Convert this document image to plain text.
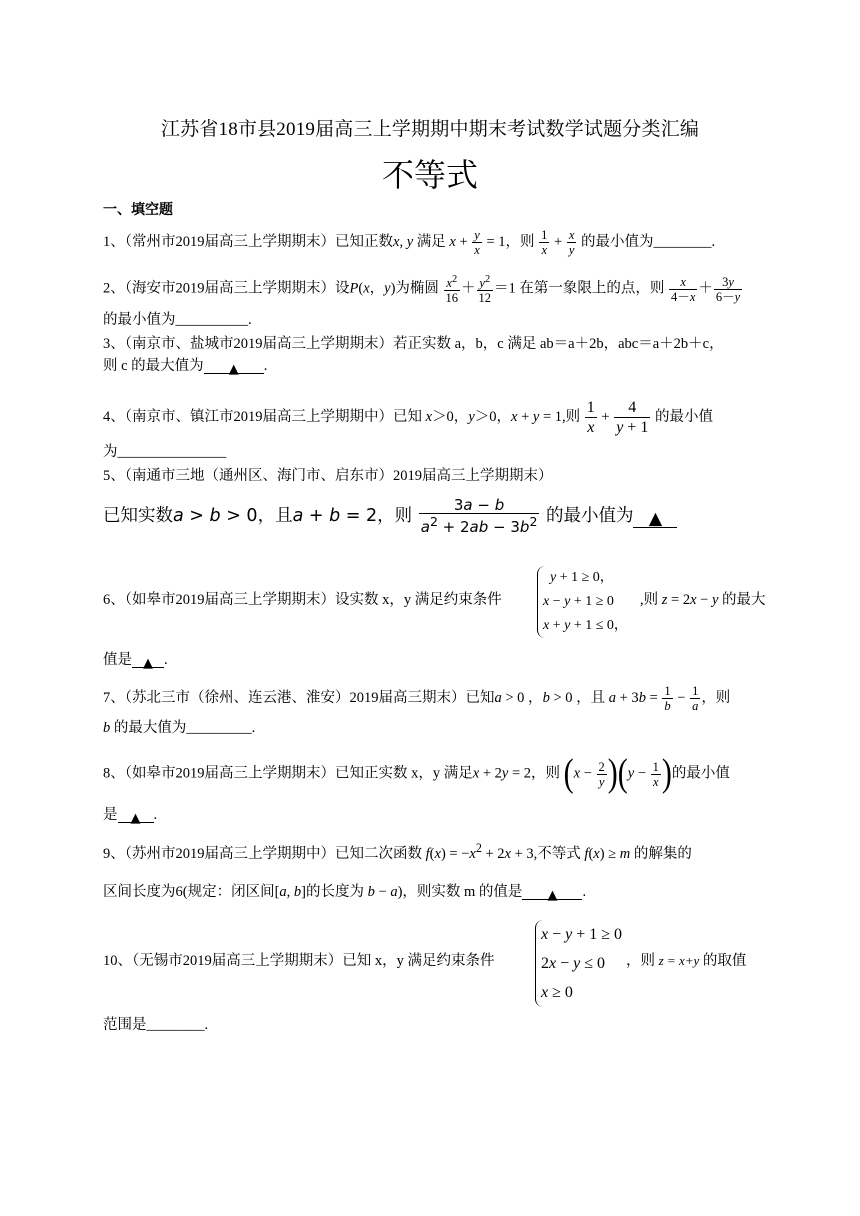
江苏省18市县2019届高三上学期期中期末考试数学试题分类汇编
不等式
一、填空题
1、（常州市2019届高三上学期期末）已知正数x, y 满足 $x + \frac{y}{x} = 1$，则 $\frac{1}{x} + \frac{x}{y}$ 的最小值为________.
2、（海安市2019届高三上学期期末）设P(x，y)为椭圆 $\frac{x^2}{16} + \frac{y^2}{12} =1$ 在第一象限上的点，则 $\frac{x}{4-x} + \frac{3y}{6-y}$
的最小值为__________.
3、（南京市、盐城市2019届高三上学期期末）若正实数 a，b，c 满足 ab＝a＋2b，abc＝a＋2b＋c，
则 c 的最大值为 ▲ .
4、（南京市、镇江市2019届高三上学期期中）已知 x＞0，y＞0，x + y = 1,则 $\frac{1}{x} + \frac{4}{y + 1}$ 的最小值
为_______________
5、（南通市三地（通州区、海门市、启东市）2019届高三上学期期末）
已知实数a > b > 0，且a + b = 2，则 $\frac{3a - b}{a^2 + 2ab - 3b^2}$ 的最小值为 ▲
6、（如皋市2019届高三上学期期末）设实数 x，y 满足约束条件
y + 1 ≥ 0，
x − y + 1 ≥ 0
x + y + 1 ≤ 0，
,则 z = 2x − y 的最大
值是 ▲ .
7、（苏北三市（徐州、连云港、淮安）2019届高三期末）已知a > 0 ，b > 0 ，且 $a + 3b = \frac{1}{b} - \frac{1}{a}$ ，则
b 的最大值为_________.
8、（如皋市2019届高三上学期期末）已知正实数 x，y 满足x + 2y = 2，则 $(x - \frac{2}{y} )(y - \frac{1}{x}$ )的最小值
是 ▲ .
9、（苏州市2019届高三上学期期中）已知二次函数 $f(x) = -x^2 + 2x + 3$,不等式 f(x) ≥ m 的解集的
区间长度为6(规定：闭区间[a, b]的长度为 b − a)，则实数 m 的值是 ▲ .
10、（无锡市2019届高三上学期期末）已知 x，y 满足约束条件
x − y + 1 ≥ 0
2x − y ≤ 0
x ≥ 0
，则 z = x+y 的取值
范围是________.
